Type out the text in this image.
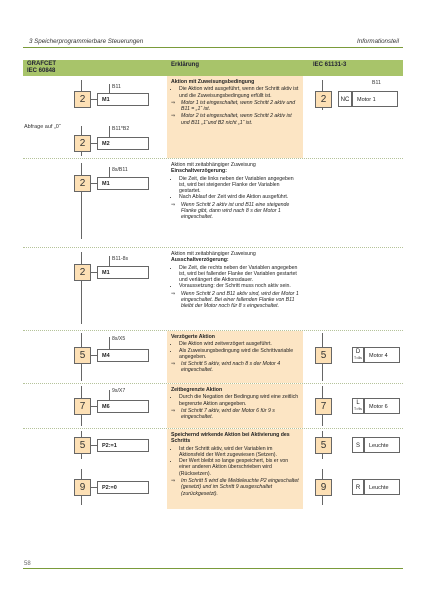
3 Speicherprogrammierbare Steuerungen	Informationsteil
GRAFCET
IEC 60848
Erklärung	IEC 61131-3
Aktion mit Zuweisungsbedingung
• Die Aktion wird ausgeführt, wenn der Schritt aktiv ist und die Zuweisungsbedingung erfüllt ist.
⇒ Motor 1 ist eingeschaltet, wenn Schritt 2 aktiv und B11 = „1“ ist.
⇒ Motor 2 ist eingeschaltet, wenn Schritt 2 aktiv ist und B11 „1“und B2 nicht „1“ ist.
2	M1
B11
Abfrage auf „0“
2	M2
B11*B2
2	NC	Motor 1
B11
Aktion mit zeitabhängiger Zuweisung
Einschaltverzögerung:
• Die Zeit, die links neben der Variablen angegeben ist, wird bei steigender Flanke der Variablen gestartet.
• Nach Ablauf der Zeit wird die Aktion ausgeführt.
⇒ Wenn Schritt 2 aktiv ist und B11 eine steigende Flanke gibt, dann wird nach 8 s der Motor 1 eingeschaltet.
2	M1
8s/B11
Aktion mit zeitabhängiger Zuweisung
Ausschaltverzögerung:
• Die Zeit, die rechts neben der Variablen angegeben ist, wird bei fallender Flanke der Variablen gestartet und verlängert die Aktionsdauer.
• Voraussetzung: der Schritt muss noch aktiv sein.
⇒ Wenn Schritt 2 und B11 aktiv sind, wird der Motor 1 eingeschaltet. Bei einer fallenden Flanke von B11 bleibt der Motor noch für 8 s eingeschaltet.
2	M1
B11-8s
Verzögerte Aktion
• Die Aktion wird zeitverzögert ausgeführt.
• Als Zuweisungsbedingung wird die Schrittvariable angegeben.
⇒ Ist Schritt 5 aktiv, wird nach 8 s der Motor 4 eingeschaltet.
5	M4
8s/X5
5	D
T=8s	Motor 4
Zeitbegrenzte Aktion
• Durch die Negation der Bedingung wird eine zeitlich begrenzte Aktion angegeben.
⇒ Ist Schritt 7 aktiv, wird der Motor 6 für 9 s eingeschaltet.
7	M6
9s/X7
7	L
T=9s	Motor 6
Speichernd wirkende Aktion bei Aktivierung des Schritts
• Ist der Schritt aktiv, wird der Variablen im Aktionsfeld der Wert zugewiesen (Setzen).
• Der Wert bleibt so lange gespeichert, bis er von einer anderen Aktion überschrieben wird (Rücksetzen).
⇒ Im Schritt 5 wird die Meldeleuchte P2 eingeschaltet (gesetzt) und im Schritt 9 ausgeschaltet (zurückgesetzt).
5	P2:=1
9	P2:=0
5	S	Leuchte
9	R	Leuchte
58
